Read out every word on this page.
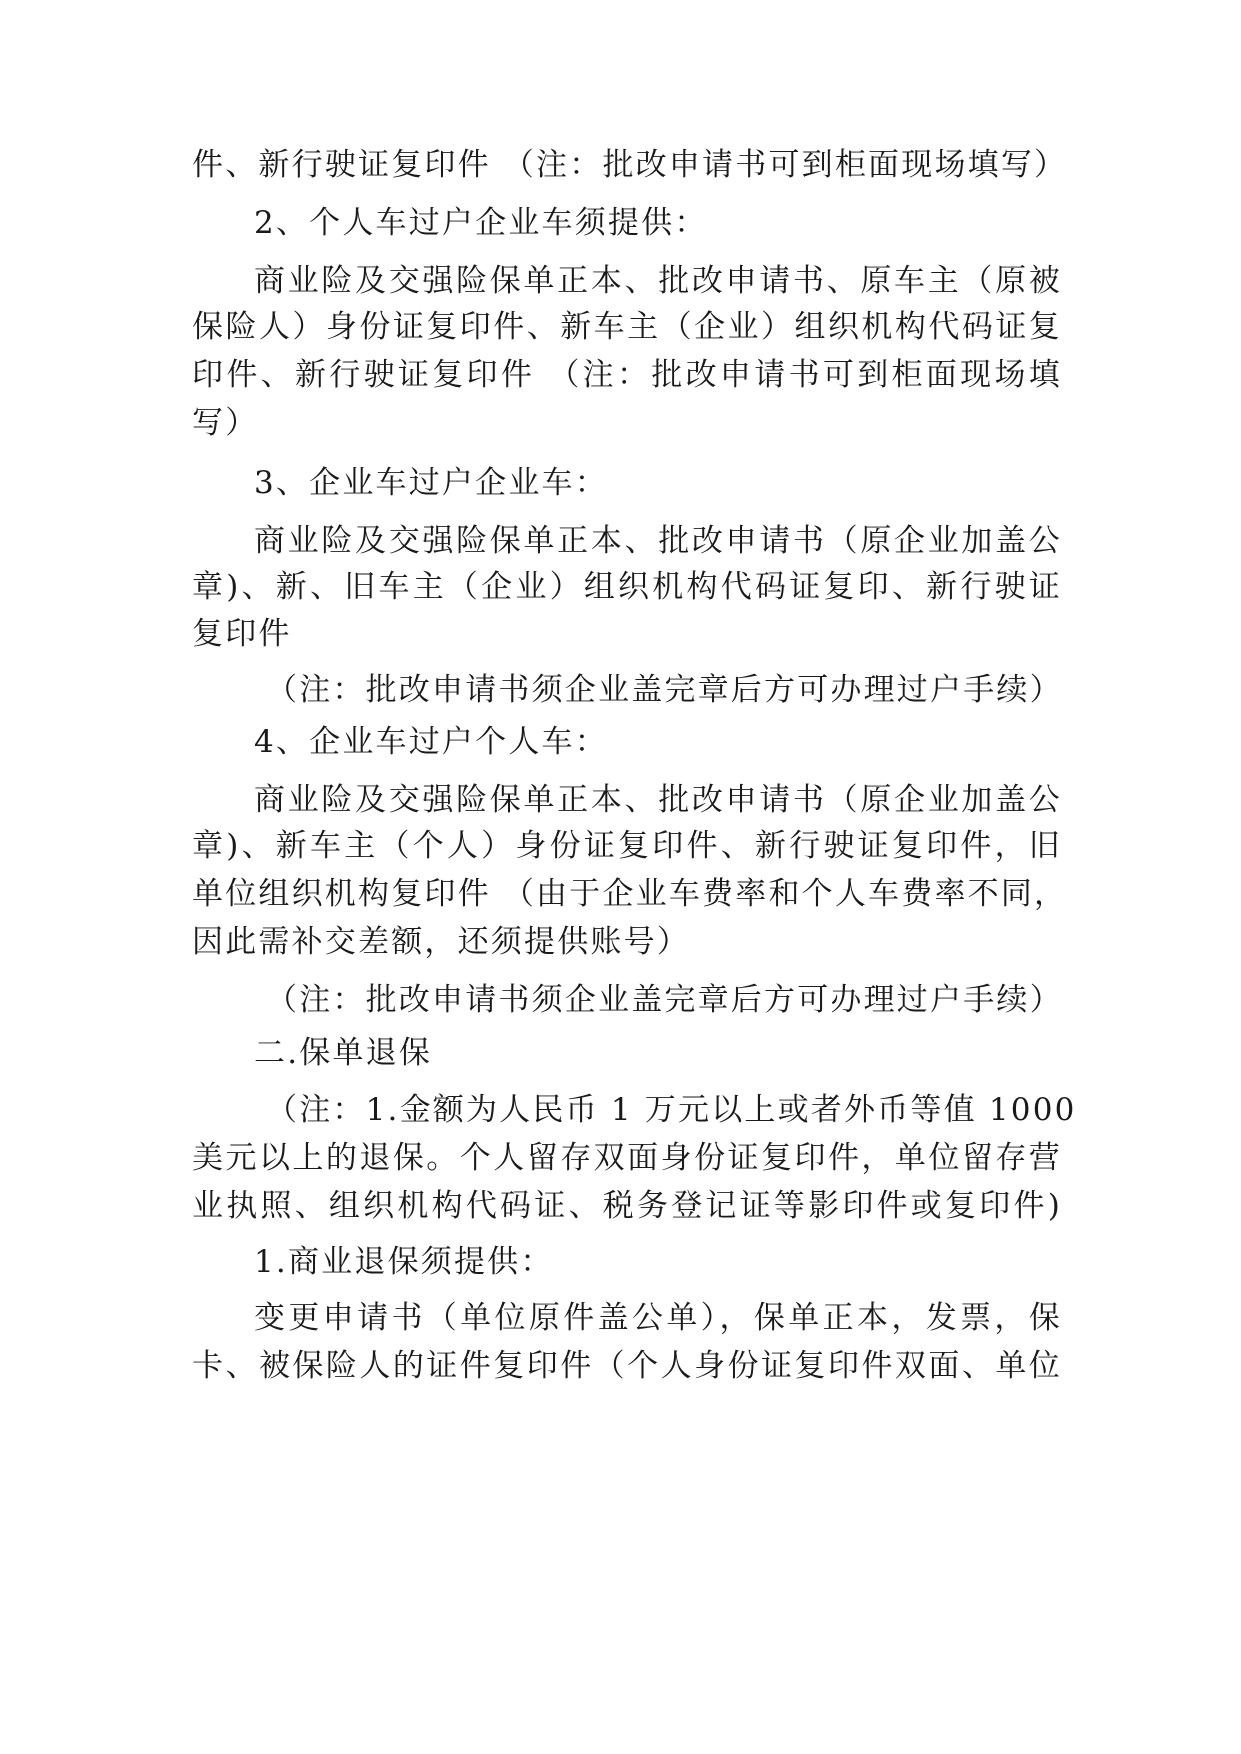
件、新行驶证复印件 （注：批改申请书可到柜面现场填写）
2、个人车过户企业车须提供：
商业险及交强险保单正本、批改申请书、原车主（原被
保险人）身份证复印件、新车主（企业）组织机构代码证复
印件、新行驶证复印件 （注：批改申请书可到柜面现场填
写）
3、企业车过户企业车：
商业险及交强险保单正本、批改申请书（原企业加盖公
章)、新、旧车主（企业）组织机构代码证复印、新行驶证
复印件
（注：批改申请书须企业盖完章后方可办理过户手续）
4、企业车过户个人车：
商业险及交强险保单正本、批改申请书（原企业加盖公
章)、新车主（个人）身份证复印件、新行驶证复印件，旧
单位组织机构复印件 （由于企业车费率和个人车费率不同，
因此需补交差额，还须提供账号）
（注：批改申请书须企业盖完章后方可办理过户手续）
二.保单退保
（注：1.金额为人民币 1 万元以上或者外币等值 1000
美元以上的退保。个人留存双面身份证复印件，单位留存营
业执照、组织机构代码证、税务登记证等影印件或复印件)
1.商业退保须提供：
变更申请书（单位原件盖公单），保单正本，发票，保
卡、被保险人的证件复印件（个人身份证复印件双面、单位
